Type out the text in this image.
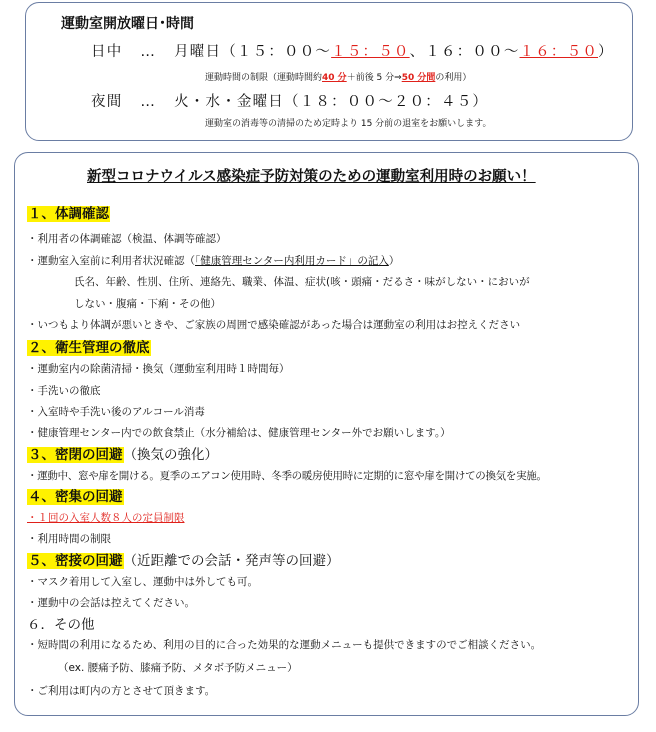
運動室開放曜日･時間
日中 … 月曜日（１５：００～１５：５０、１６：００～１６：５０）
運動時間の制限（運動時間約40 分＋前後 5 分⇒50 分間の利用）
夜間 … 火・水・金曜日（１８：００～２０：４５）
運動室の消毒等の清掃のため定時より 15 分前の退室をお願いします。
新型コロナウイルス感染症予防対策のための運動室利用時のお願い！
１、体調確認
・利用者の体調確認（検温、体調等確認）
・運動室入室前に利用者状況確認（「健康管理センター内利用カード」の記入）
氏名、年齢、性別、住所、連絡先、職業、体温、症状(咳・頭痛・だるさ・味がしない・においが
しない・腹痛・下痢・その他）
・いつもより体調が悪いときや、ご家族の周囲で感染確認があった場合は運動室の利用はお控えください
２、衛生管理の徹底
・運動室内の除菌清掃・換気（運動室利用時１時間毎）
・手洗いの徹底
・入室時や手洗い後のアルコール消毒
・健康管理センター内での飲食禁止（水分補給は、健康管理センター外でお願いします。）
３、密閉の回避（換気の強化）
・運動中、窓や扉を開ける。夏季のエアコン使用時、冬季の暖房使用時に定期的に窓や扉を開けての換気を実施。
４、密集の回避
・１回の入室人数８人の定員制限
・利用時間の制限
５、密接の回避（近距離での会話・発声等の回避）
・マスク着用して入室し、運動中は外しても可。
・運動中の会話は控えてください。
６．その他
・短時間の利用になるため、利用の目的に合った効果的な運動メニューも提供できますのでご相談ください。
（ex. 腰痛予防、膝痛予防、メタボ予防メニュー）
・ご利用は町内の方とさせて頂きます。
